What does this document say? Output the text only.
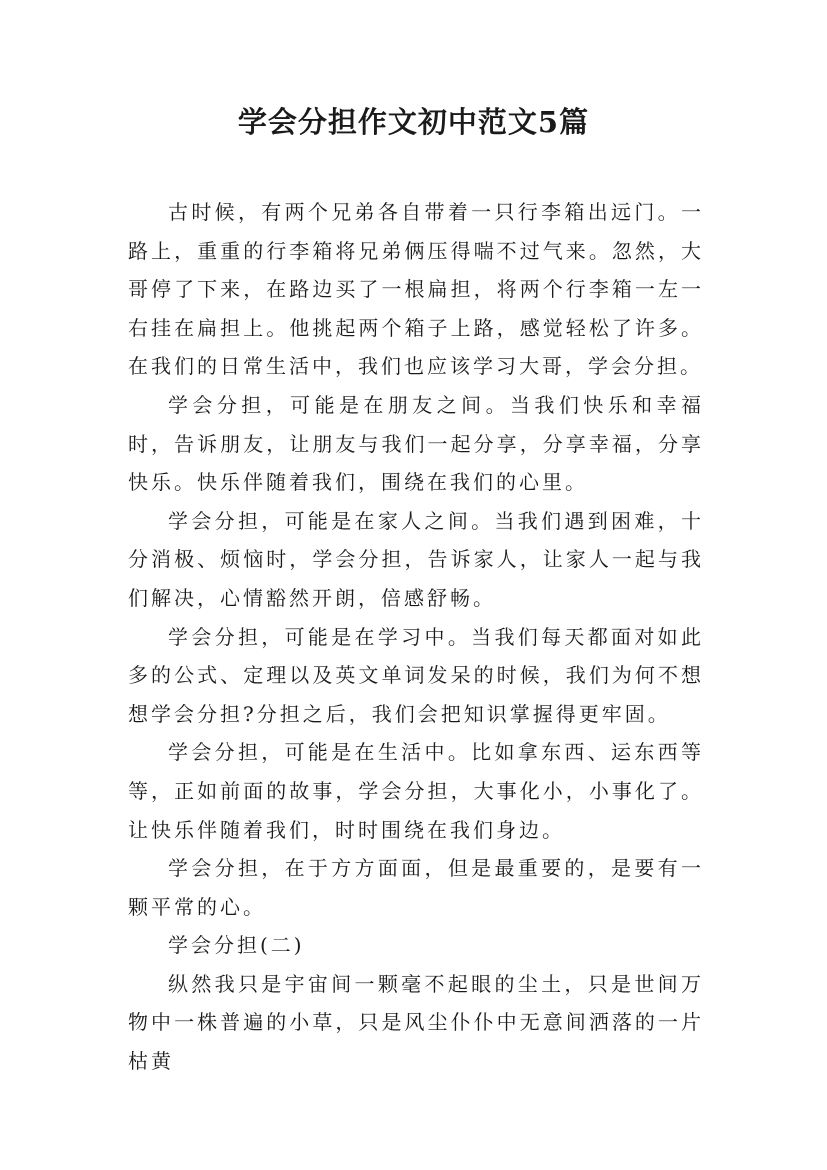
学会分担作文初中范文5篇

古时候，有两个兄弟各自带着一只行李箱出远门。一路上，重重的行李箱将兄弟俩压得喘不过气来。忽然，大哥停了下来，在路边买了一根扁担，将两个行李箱一左一右挂在扁担上。他挑起两个箱子上路，感觉轻松了许多。在我们的日常生活中，我们也应该学习大哥，学会分担。

学会分担，可能是在朋友之间。当我们快乐和幸福时，告诉朋友，让朋友与我们一起分享，分享幸福，分享快乐。快乐伴随着我们，围绕在我们的心里。

学会分担，可能是在家人之间。当我们遇到困难，十分消极、烦恼时，学会分担，告诉家人，让家人一起与我们解决，心情豁然开朗，倍感舒畅。

学会分担，可能是在学习中。当我们每天都面对如此多的公式、定理以及英文单词发呆的时候，我们为何不想想学会分担?分担之后，我们会把知识掌握得更牢固。

学会分担，可能是在生活中。比如拿东西、运东西等等，正如前面的故事，学会分担，大事化小，小事化了。让快乐伴随着我们，时时围绕在我们身边。

学会分担，在于方方面面，但是最重要的，是要有一颗平常的心。

学会分担(二)

纵然我只是宇宙间一颗毫不起眼的尘土，只是世间万物中一株普遍的小草，只是风尘仆仆中无意间洒落的一片枯黄
